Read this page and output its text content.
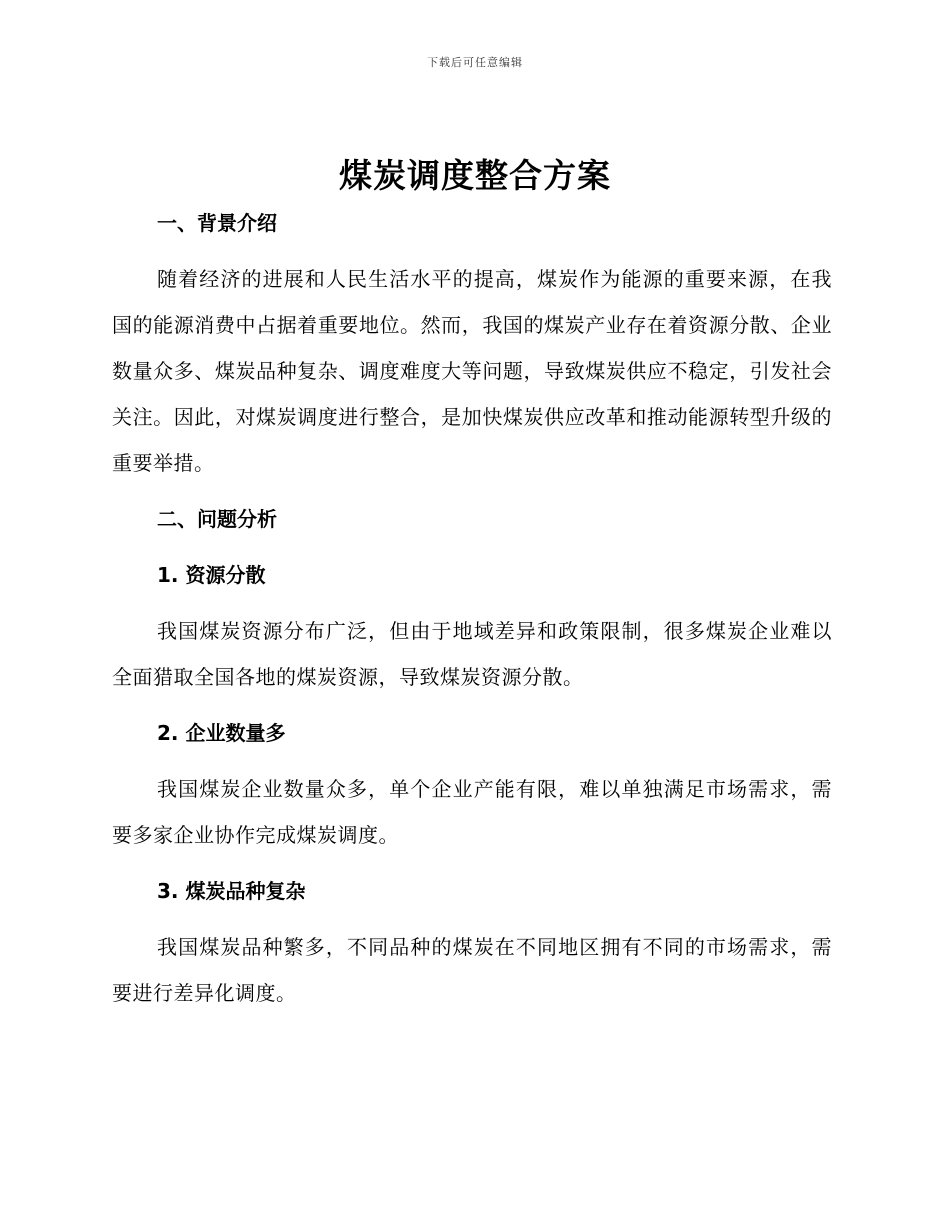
下载后可任意编辑
煤炭调度整合方案
一、背景介绍

随着经济的进展和人民生活水平的提高，煤炭作为能源的重要来源，在我国的能源消费中占据着重要地位。然而，我国的煤炭产业存在着资源分散、企业数量众多、煤炭品种复杂、调度难度大等问题，导致煤炭供应不稳定，引发社会关注。因此，对煤炭调度进行整合，是加快煤炭供应改革和推动能源转型升级的重要举措。

二、问题分析
1. 资源分散

我国煤炭资源分布广泛，但由于地域差异和政策限制，很多煤炭企业难以全面猎取全国各地的煤炭资源，导致煤炭资源分散。

2. 企业数量多

我国煤炭企业数量众多，单个企业产能有限，难以单独满足市场需求，需要多家企业协作完成煤炭调度。

3. 煤炭品种复杂

我国煤炭品种繁多，不同品种的煤炭在不同地区拥有不同的市场需求，需要进行差异化调度。
